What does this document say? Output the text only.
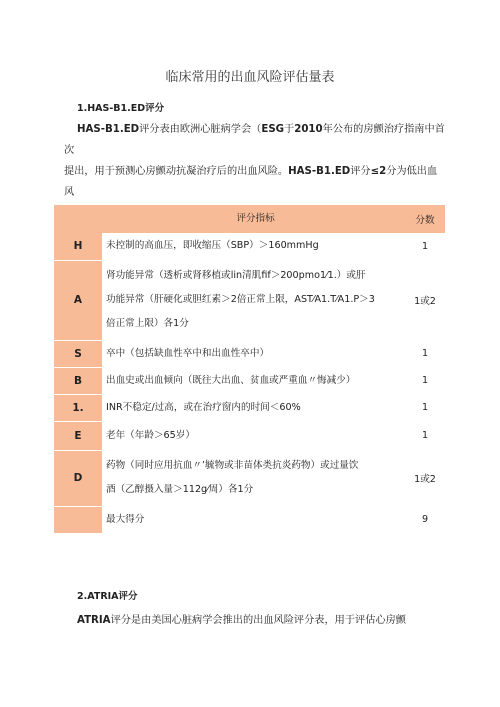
临床常用的出血风险评估量表
1.HAS-B1.ED评分
HAS-B1.ED评分表由欧洲心脏病学会（ESG于2010年公布的房颤治疗指南中首次
提出，用于预测心房颤动抗凝治疗后的出血风险。HAS-B1.ED评分≤2分为低出血风
	评分指标	分数
H	未控制的高血压，即收缩压（SBP）＞160mmHg	1
A	肾功能异常（透析或肾移植或lin清肌fif＞200pmo1⁄1.）或肝
功能异常（肝硬化或胆红素＞2倍正常上限，AST⁄A1.T⁄A1.P＞3
倍正常上限）各1分	1或2
S	卒中（包括缺血性卒中和出血性卒中）	1
B	出血史或出血倾向（既往大出血、贫血或严重血〃悔减少）	1
1.	INR不稳定/过高，或在治疗窗内的时间＜60%	1
E	老年（年龄＞65岁）	1
D	药物（同时应用抗血〃’毓物或非苗体类抗炎药物）或过量饮
酒（乙醇摄入量＞112g⁄周）各1分	1或2

	最大得分	9
2.ATRIA评分
ATRIA评分是由美国心脏病学会推出的出血风险评分表，用于评估心房颤
